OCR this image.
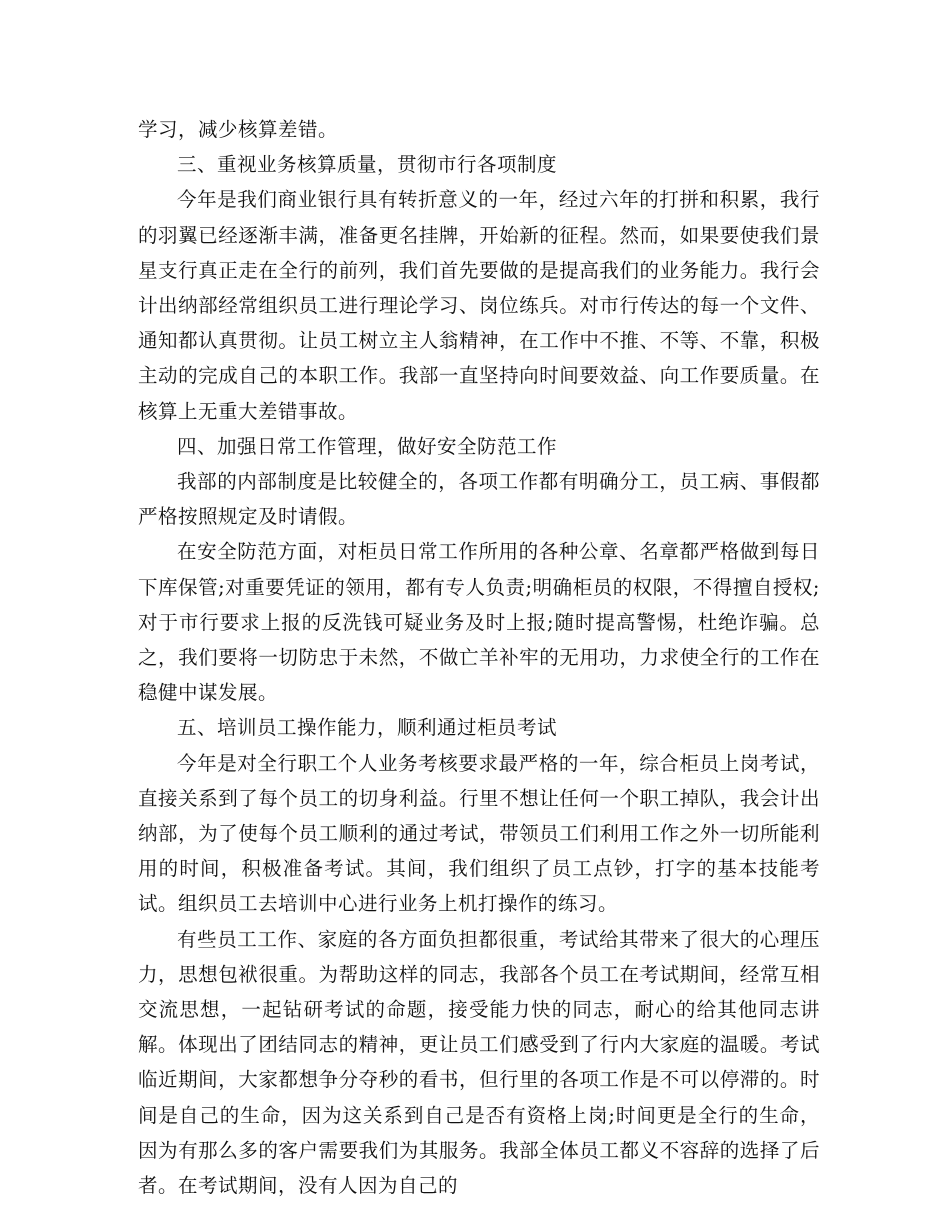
学习，减少核算差错。

三、重视业务核算质量，贯彻市行各项制度

今年是我们商业银行具有转折意义的一年，经过六年的打拼和积累，我行的羽翼已经逐渐丰满，准备更名挂牌，开始新的征程。然而，如果要使我们景星支行真正走在全行的前列，我们首先要做的是提高我们的业务能力。我行会计出纳部经常组织员工进行理论学习、岗位练兵。对市行传达的每一个文件、通知都认真贯彻。让员工树立主人翁精神，在工作中不推、不等、不靠，积极主动的完成自己的本职工作。我部一直坚持向时间要效益、向工作要质量。在核算上无重大差错事故。

四、加强日常工作管理，做好安全防范工作

我部的内部制度是比较健全的，各项工作都有明确分工，员工病、事假都严格按照规定及时请假。

在安全防范方面，对柜员日常工作所用的各种公章、名章都严格做到每日下库保管;对重要凭证的领用，都有专人负责;明确柜员的权限，不得擅自授权;对于市行要求上报的反洗钱可疑业务及时上报;随时提高警惕，杜绝诈骗。总之，我们要将一切防忠于未然，不做亡羊补牢的无用功，力求使全行的工作在稳健中谋发展。

五、培训员工操作能力，顺利通过柜员考试

今年是对全行职工个人业务考核要求最严格的一年，综合柜员上岗考试，直接关系到了每个员工的切身利益。行里不想让任何一个职工掉队，我会计出纳部，为了使每个员工顺利的通过考试，带领员工们利用工作之外一切所能利用的时间，积极准备考试。其间，我们组织了员工点钞，打字的基本技能考试。组织员工去培训中心进行业务上机打操作的练习。

有些员工工作、家庭的各方面负担都很重，考试给其带来了很大的心理压力，思想包袱很重。为帮助这样的同志，我部各个员工在考试期间，经常互相交流思想，一起钻研考试的命题，接受能力快的同志，耐心的给其他同志讲解。体现出了团结同志的精神，更让员工们感受到了行内大家庭的温暖。考试临近期间，大家都想争分夺秒的看书，但行里的各项工作是不可以停滞的。时间是自己的生命，因为这关系到自己是否有资格上岗;时间更是全行的生命，因为有那么多的客户需要我们为其服务。我部全体员工都义不容辞的选择了后者。在考试期间，没有人因为自己的
